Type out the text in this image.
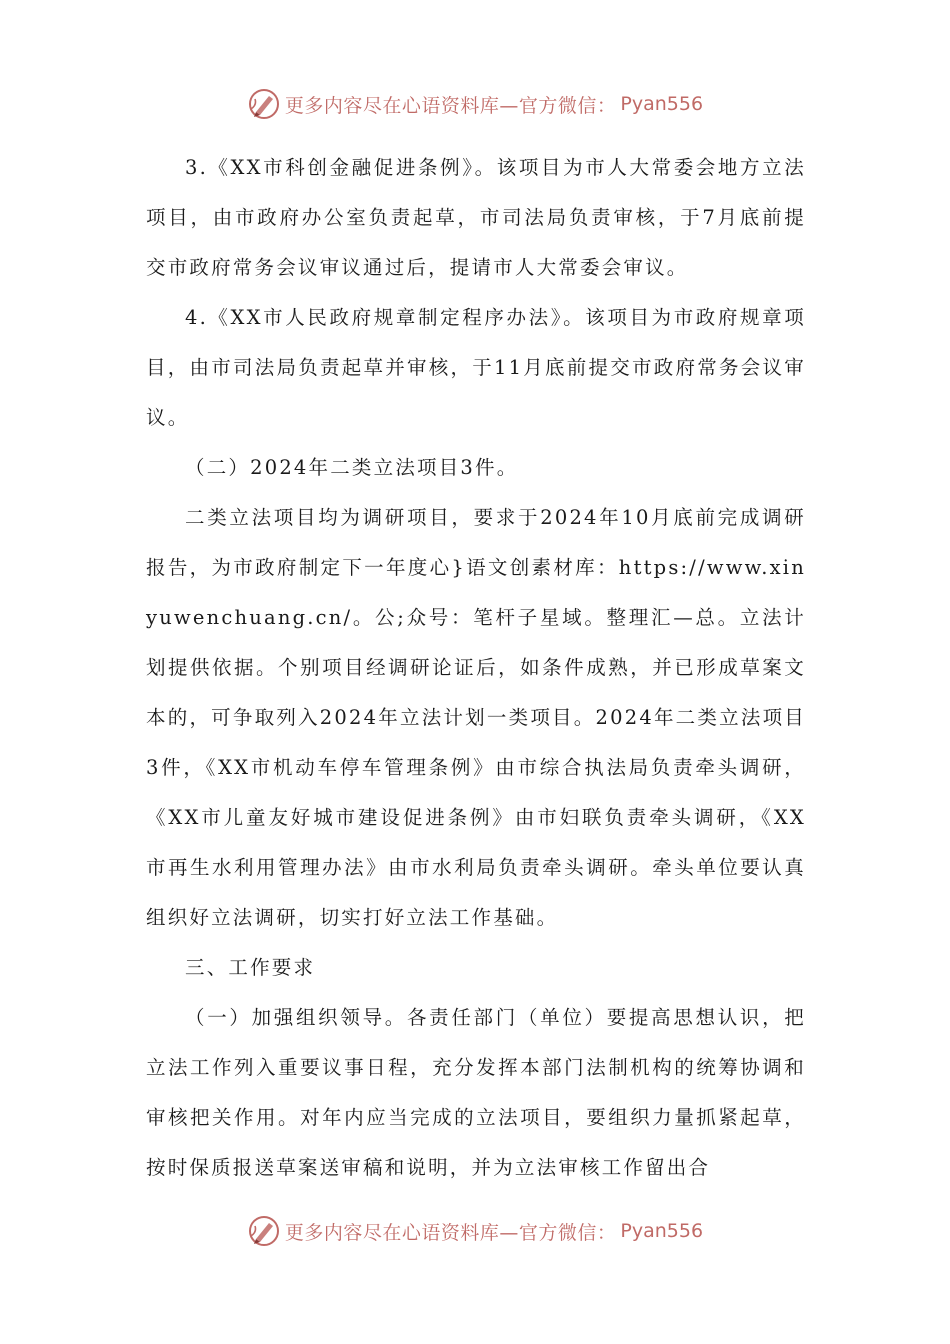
更多内容尽在心语资料库—官方微信： Pyan556

3.《XX市科创金融促进条例》。该项目为市人大常委会地方立法项目，由市政府办公室负责起草，市司法局负责审核，于7月底前提交市政府常务会议审议通过后，提请市人大常委会审议。

4.《XX市人民政府规章制定程序办法》。该项目为市政府规章项目，由市司法局负责起草并审核，于11月底前提交市政府常务会议审议。

（二）2024年二类立法项目3件。

二类立法项目均为调研项目，要求于2024年10月底前完成调研报告，为市政府制定下一年度心}语文创素材库：https://www.xinyuwenchuang.cn/。公;众号：笔杆子星域。整理汇—总。立法计划提供依据。个别项目经调研论证后，如条件成熟，并已形成草案文本的，可争取列入2024年立法计划一类项目。2024年二类立法项目3件，《XX市机动车停车管理条例》由市综合执法局负责牵头调研，《XX市儿童友好城市建设促进条例》由市妇联负责牵头调研，《XX市再生水利用管理办法》由市水利局负责牵头调研。牵头单位要认真组织好立法调研，切实打好立法工作基础。

三、工作要求

（一）加强组织领导。各责任部门（单位）要提高思想认识，把立法工作列入重要议事日程，充分发挥本部门法制机构的统筹协调和审核把关作用。对年内应当完成的立法项目，要组织力量抓紧起草，按时保质报送草案送审稿和说明，并为立法审核工作留出合

更多内容尽在心语资料库—官方微信： Pyan556
